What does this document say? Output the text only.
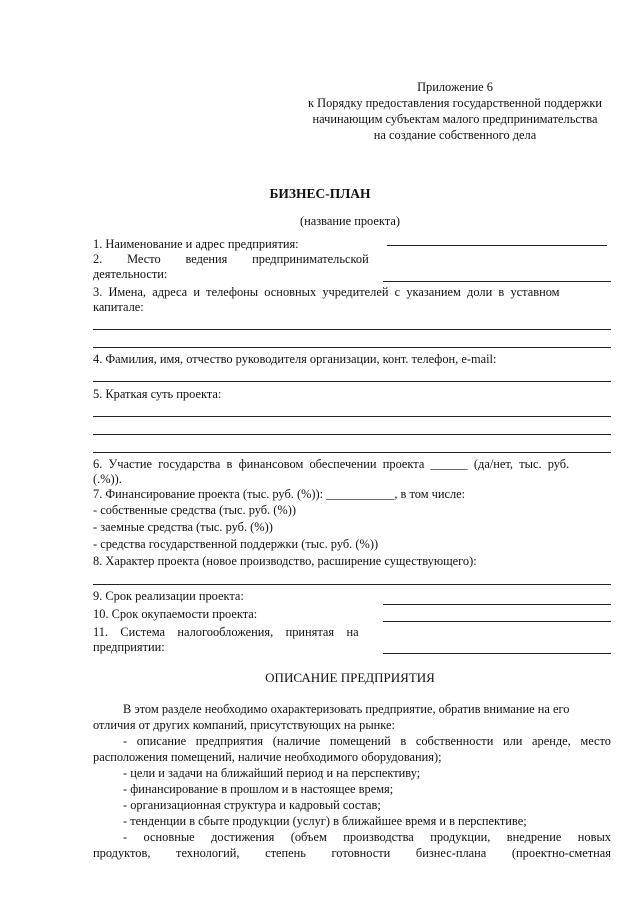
Приложение 6
к Порядку предоставления государственной поддержки
начинающим субъектам малого предпринимательства
на создание собственного дела
БИЗНЕС-ПЛАН
(название проекта)
1. Наименование и адрес предприятия:
2.        Место        ведения        предпринимательской
деятельности:
3.  Имена,  адреса  и  телефоны  основных  учредителей  с  указанием  доли  в  уставном
капитале:
4. Фамилия, имя, отчество руководителя организации, конт. телефон, e-mail:
5. Краткая суть проекта:
6.  Участие  государства  в  финансовом  обеспечении  проекта  ______  (да/нет,  тыс.  руб.
(.%)).
7. Финансирование проекта (тыс. руб. (%)): ___________, в том числе:
- собственные средства (тыс. руб. (%))
- заемные средства (тыс. руб. (%))
- средства государственной поддержки (тыс. руб. (%))
8. Характер проекта (новое производство, расширение существующего):
9. Срок реализации проекта:
10. Срок окупаемости проекта:
11.    Система    налогообложения,    принятая    на
предприятии:
ОПИСАНИЕ ПРЕДПРИЯТИЯ
В этом разделе необходимо охарактеризовать предприятие, обратив внимание на его
отличия от других компаний, присутствующих на рынке:
- описание предприятия (наличие помещений в собственности или аренде, место
расположения помещений, наличие необходимого оборудования);
- цели и задачи на ближайший период и на перспективу;
- финансирование в прошлом и в настоящее время;
- организационная структура и кадровый состав;
- тенденции в сбыте продукции (услуг) в ближайшее время и в перспективе;
- основные достижения (объем производства продукции, внедрение новых
продуктов, технологий, степень готовности бизнес-плана (проектно-сметная
